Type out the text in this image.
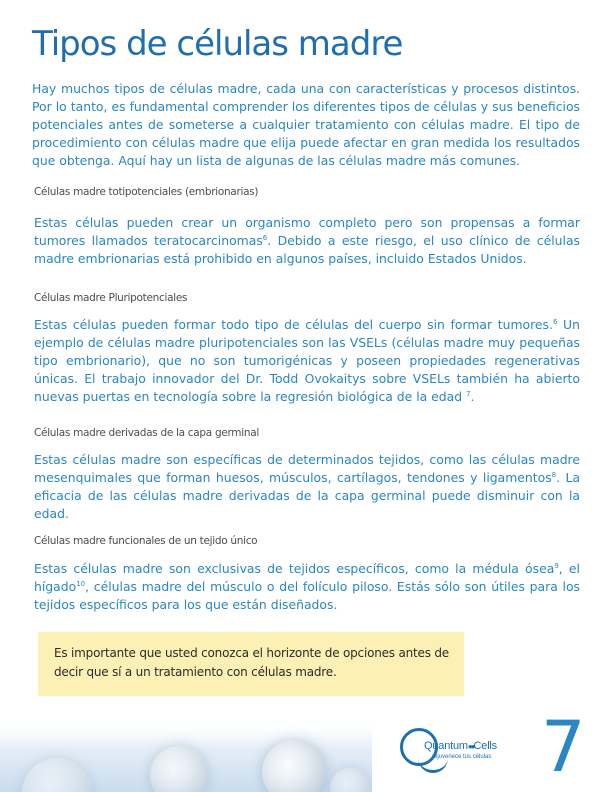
Tipos de células madre

Hay muchos tipos de células madre, cada una con características y procesos distintos. Por lo tanto, es fundamental comprender los diferentes tipos de células y sus beneficios potenciales antes de someterse a cualquier tratamiento con células madre. El tipo de procedimiento con células madre que elija puede afectar en gran medida los resultados que obtenga. Aquí hay un lista de algunas de las células madre más comunes.

Células madre totipotenciales (embrionarias)

Estas células pueden crear un organismo completo pero son propensas a formar tumores llamados teratocarcinomas$^6$. Debido a este riesgo, el uso clínico de células madre embrionarias está prohibido en algunos países, incluido Estados Unidos.

Células madre Pluripotenciales

Estas células pueden formar todo tipo de células del cuerpo sin formar tumores.$^6$ Un ejemplo de células madre pluripotenciales son las VSELs (células madre muy pequeñas tipo embrionario), que no son tumorigénicas y poseen propiedades regenerativas únicas. El trabajo innovador del Dr. Todd Ovokaitys sobre VSELs también ha abierto nuevas puertas en tecnología sobre la regresión biológica de la edad $^7$.

Células madre derivadas de la capa germinal

Estas células madre son específicas de determinados tejidos, como las células madre mesenquimales que forman huesos, músculos, cartílagos, tendones y ligamentos$^8$. La eficacia de las células madre derivadas de la capa germinal puede disminuir con la edad.

Células madre funcionales de un tejido único

Estas células madre son exclusivas de tejidos específicos, como la médula ósea$^9$, el hígado$^{10}$, células madre del músculo o del folículo piloso. Estás sólo son útiles para los tejidos específicos para los que están diseñados.

Es importante que usted conozca el horizonte de opciones antes de decir que sí a un tratamiento con células madre.

Quantum●●Cells
rejuvenece tus células 7
